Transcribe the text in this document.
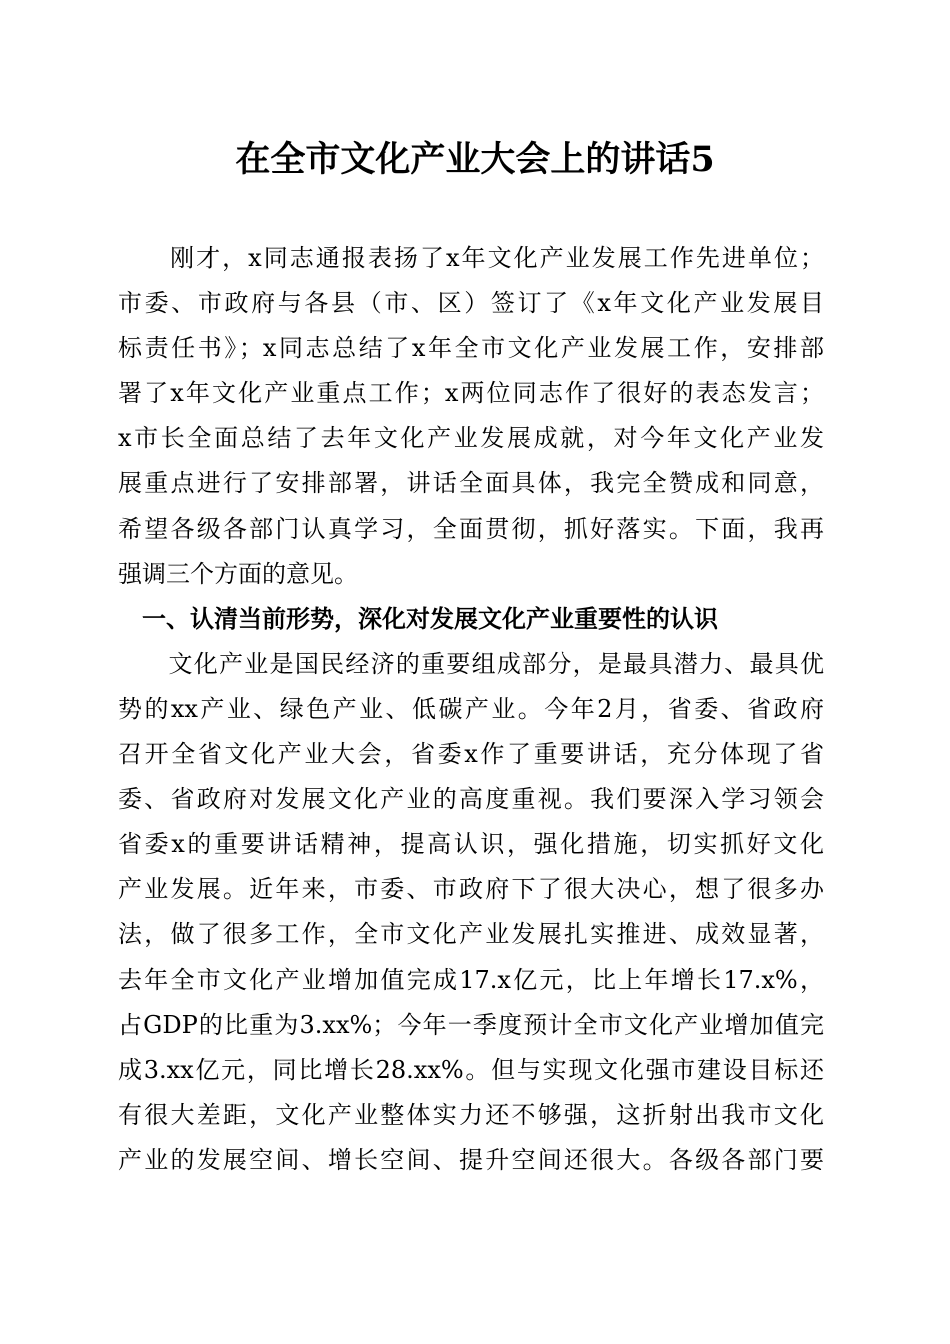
在全市文化产业大会上的讲话5
　　刚才，x同志通报表扬了x年文化产业发展工作先进单位；
市委、市政府与各县（市、区）签订了《x年文化产业发展目
标责任书》；x同志总结了x年全市文化产业发展工作，安排部
署了x年文化产业重点工作；x两位同志作了很好的表态发言；
x市长全面总结了去年文化产业发展成就，对今年文化产业发
展重点进行了安排部署，讲话全面具体，我完全赞成和同意，
希望各级各部门认真学习，全面贯彻，抓好落实。下面，我再
强调三个方面的意见。
　一、认清当前形势，深化对发展文化产业重要性的认识
　　文化产业是国民经济的重要组成部分，是最具潜力、最具优
势的xx产业、绿色产业、低碳产业。今年2月，省委、省政府
召开全省文化产业大会，省委x作了重要讲话，充分体现了省
委、省政府对发展文化产业的高度重视。我们要深入学习领会
省委x的重要讲话精神，提高认识，强化措施，切实抓好文化
产业发展。近年来，市委、市政府下了很大决心，想了很多办
法，做了很多工作，全市文化产业发展扎实推进、成效显著，
去年全市文化产业增加值完成17.x亿元，比上年增长17.x%，
占GDP的比重为3.xx%；今年一季度预计全市文化产业增加值完
成3.xx亿元，同比增长28.xx%。但与实现文化强市建设目标还
有很大差距，文化产业整体实力还不够强，这折射出我市文化
产业的发展空间、增长空间、提升空间还很大。各级各部门要
